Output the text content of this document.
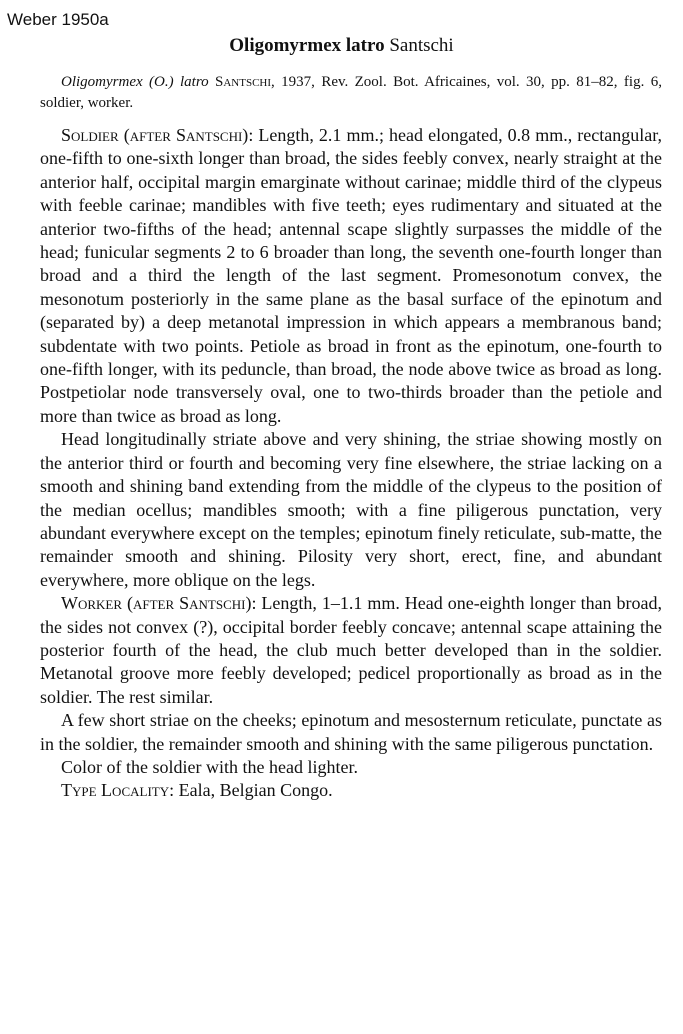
Weber 1950a
Oligomyrmex latro Santschi
Oligomyrmex (O.) latro Santschi, 1937, Rev. Zool. Bot. Africaines, vol. 30, pp. 81–82, fig. 6, soldier, worker.

Soldier (after Santschi): Length, 2.1 mm.; head elongated, 0.8 mm., rectangular, one-fifth to one-sixth longer than broad, the sides feebly convex, nearly straight at the anterior half, occipital margin emarginate without carinae; middle third of the clypeus with feeble carinae; mandibles with five teeth; eyes rudimentary and situated at the anterior two-fifths of the head; antennal scape slightly surpasses the middle of the head; funicular segments 2 to 6 broader than long, the seventh one-fourth longer than broad and a third the length of the last segment. Promesonotum convex, the mesonotum posteriorly in the same plane as the basal surface of the epinotum and (separated by) a deep metanotal impression in which appears a membranous band; subdentate with two points. Petiole as broad in front as the epinotum, one-fourth to one-fifth longer, with its peduncle, than broad, the node above twice as broad as long. Postpetiolar node transversely oval, one to two-thirds broader than the petiole and more than twice as broad as long.

Head longitudinally striate above and very shining, the striae showing mostly on the anterior third or fourth and becoming very fine elsewhere, the striae lacking on a smooth and shining band extending from the middle of the clypeus to the position of the median ocellus; mandibles smooth; with a fine piligerous punctation, very abundant everywhere except on the temples; epinotum finely reticulate, sub-matte, the remainder smooth and shining. Pilosity very short, erect, fine, and abundant everywhere, more oblique on the legs.

Worker (after Santschi): Length, 1–1.1 mm. Head one-eighth longer than broad, the sides not convex (?), occipital border feebly concave; antennal scape attaining the posterior fourth of the head, the club much better developed than in the soldier. Metanotal groove more feebly developed; pedicel proportionally as broad as in the soldier. The rest similar.

A few short striae on the cheeks; epinotum and mesosternum reticulate, punctate as in the soldier, the remainder smooth and shining with the same piligerous punctation.

Color of the soldier with the head lighter.

Type Locality: Eala, Belgian Congo.
